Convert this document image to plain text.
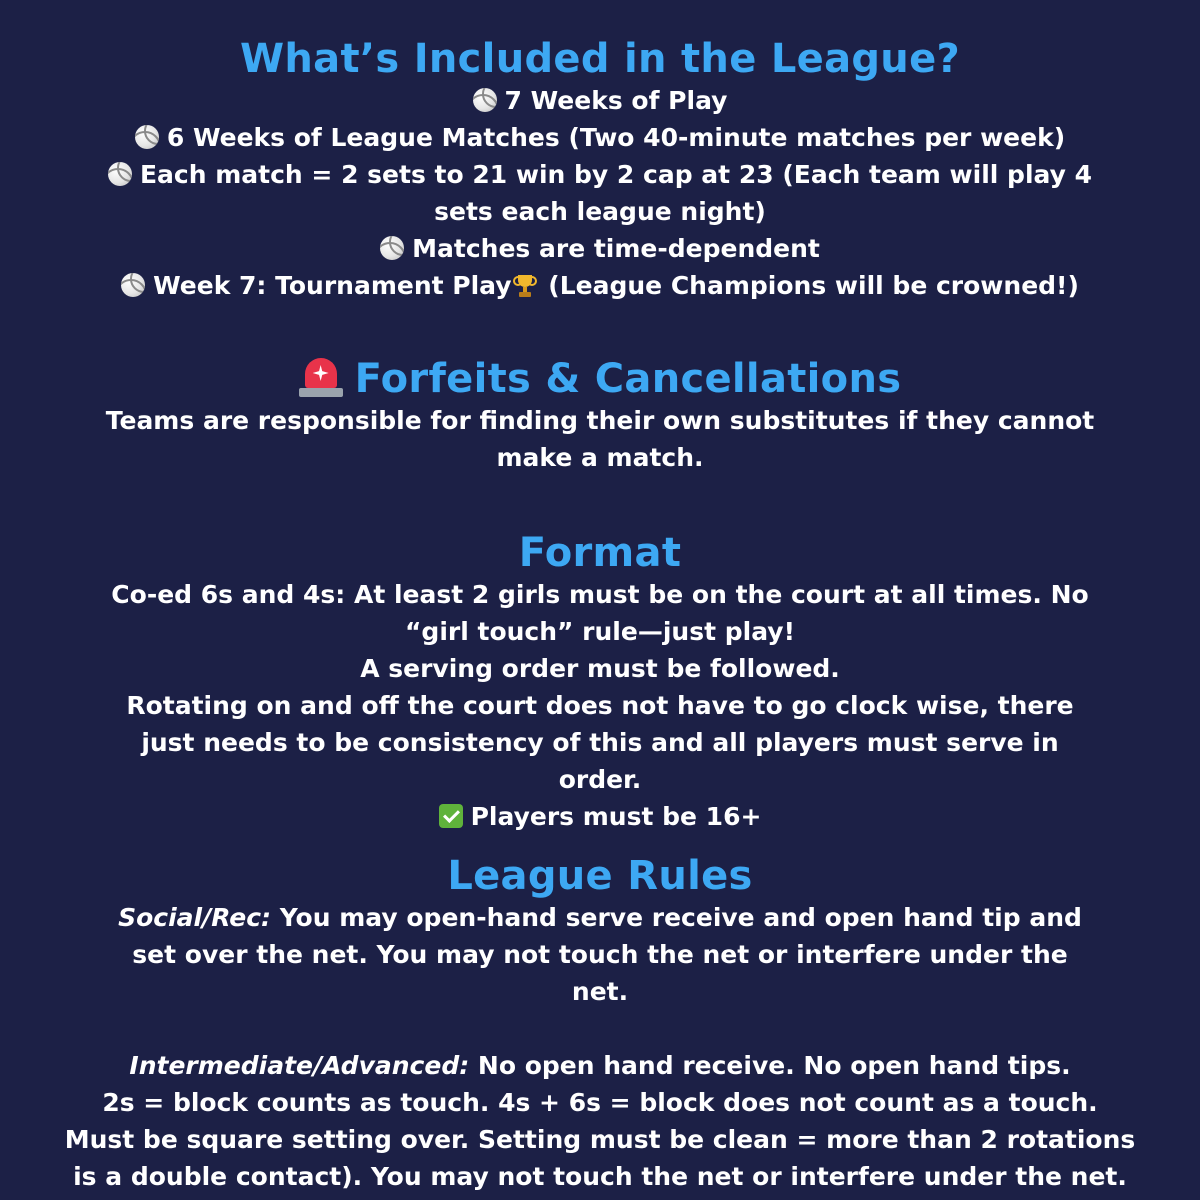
What’s Included in the League?
7 Weeks of Play
6 Weeks of League Matches (Two 40-minute matches per week)
Each match = 2 sets to 21 win by 2 cap at 23 (Each team will play 4 sets each league night)
Matches are time-dependent
Week 7: Tournament Play
(League Champions will be crowned!)
Forfeits & Cancellations

Teams are responsible for finding their own substitutes if they cannot make a match.

Format
Co-ed 6s and 4s: At least 2 girls must be on the court at all times. No “girl touch” rule—just play!
A serving order must be followed.
Rotating on and off the court does not have to go clock wise, there just needs to be consistency of this and all players must serve in order.
Players must be 16+
League Rules

Social/Rec: You may open-hand serve receive and open hand tip and set over the net. You may not touch the net or interfere under the net.

Intermediate/Advanced: No open hand receive. No open hand tips.
2s = block counts as touch. 4s + 6s = block does not count as a touch.
Must be square setting over. Setting must be clean = more than 2 rotations is a double contact). You may not touch the net or interfere under the net.
